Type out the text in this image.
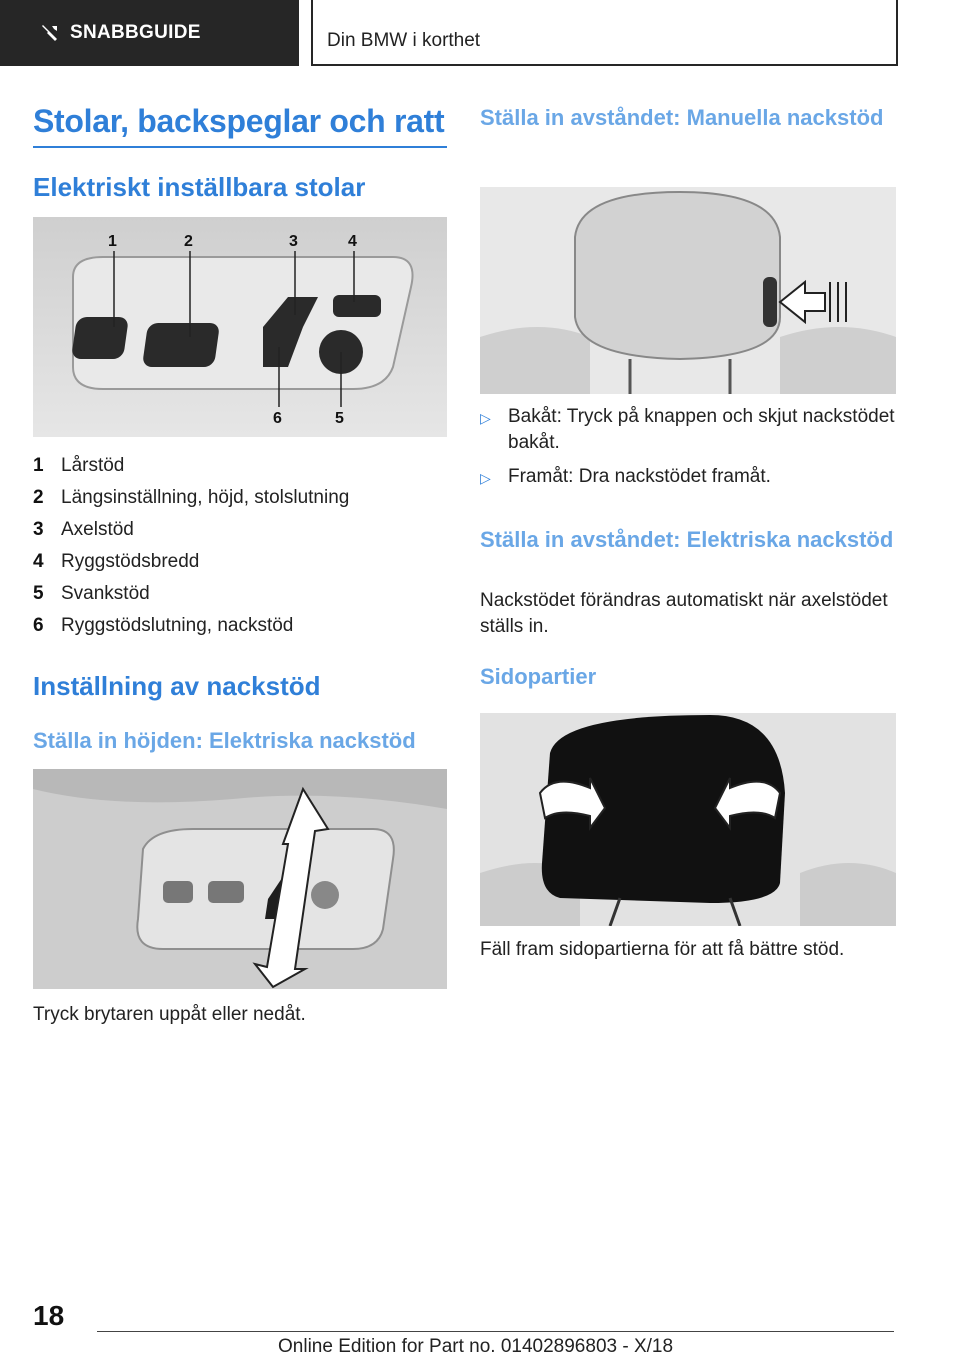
SNABBGUIDE	Din BMW i korthet
Stolar, backspeglar och ratt
Elektriskt inställbara stolar
1	2	3	4
6	5
1 Lårstöd
2 Längsinställning, höjd, stolslutning
3 Axelstöd
4 Ryggstödsbredd
5 Svankstöd
6 Ryggstödslutning, nackstöd
Inställning av nackstöd
Ställa in höjden: Elektriska nackstöd
Tryck brytaren uppåt eller nedåt.
Ställa in avståndet: Manuella nackstöd
▷ Bakåt: Tryck på knappen och skjut nackstödet bakåt.
▷ Framåt: Dra nackstödet framåt.
Ställa in avståndet: Elektriska nackstöd
Nackstödet förändras automatiskt när axelstödet ställs in.
Sidopartier
Fäll fram sidopartierna för att få bättre stöd.
18
Online Edition for Part no. 01402896803 - X/18
